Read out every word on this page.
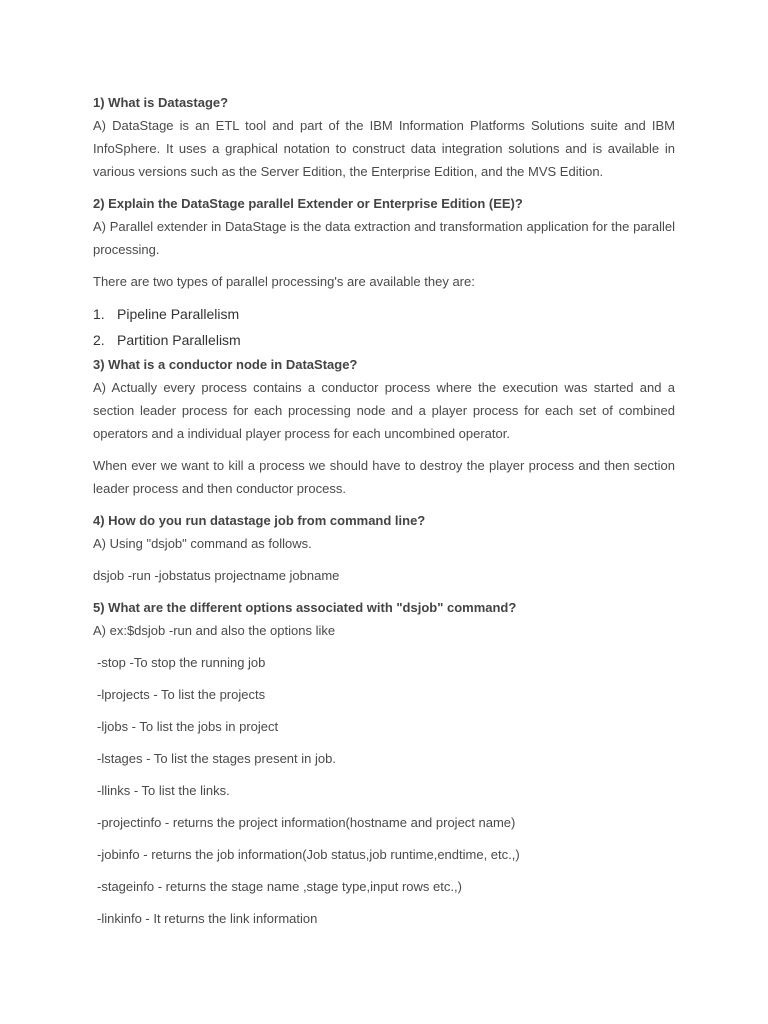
1) What is Datastage?

A) DataStage is an ETL tool and part of the IBM Information Platforms Solutions suite and IBM InfoSphere. It uses a graphical notation to construct data integration solutions and is available in various versions such as the Server Edition, the Enterprise Edition, and the MVS Edition.

2) Explain the DataStage parallel Extender or Enterprise Edition (EE)?

A) Parallel extender in DataStage is the data extraction and transformation application for the parallel processing.

There are two types of parallel processing's are available they are:

1. Pipeline Parallelism
2. Partition Parallelism

3) What is a conductor node in DataStage?

A) Actually every process contains a conductor process where the execution was started and a section leader process for each processing node and a player process for each set of combined operators and a individual player process for each uncombined operator.

When ever we want to kill a process we should have to destroy the player process and then section leader process and then conductor process.

4) How do you run datastage job from command line?

A) Using "dsjob" command as follows.

dsjob -run -jobstatus projectname jobname

5) What are the different options associated with "dsjob" command?

A) ex:$dsjob -run and also the options like

-stop -To stop the running job

-lprojects - To list the projects

-ljobs - To list the jobs in project

-lstages - To list the stages present in job.

-llinks - To list the links.

-projectinfo - returns the project information(hostname and project name)

-jobinfo - returns the job information(Job status,job runtime,endtime, etc.,)

-stageinfo - returns the stage name ,stage type,input rows etc.,)

-linkinfo - It returns the link information
